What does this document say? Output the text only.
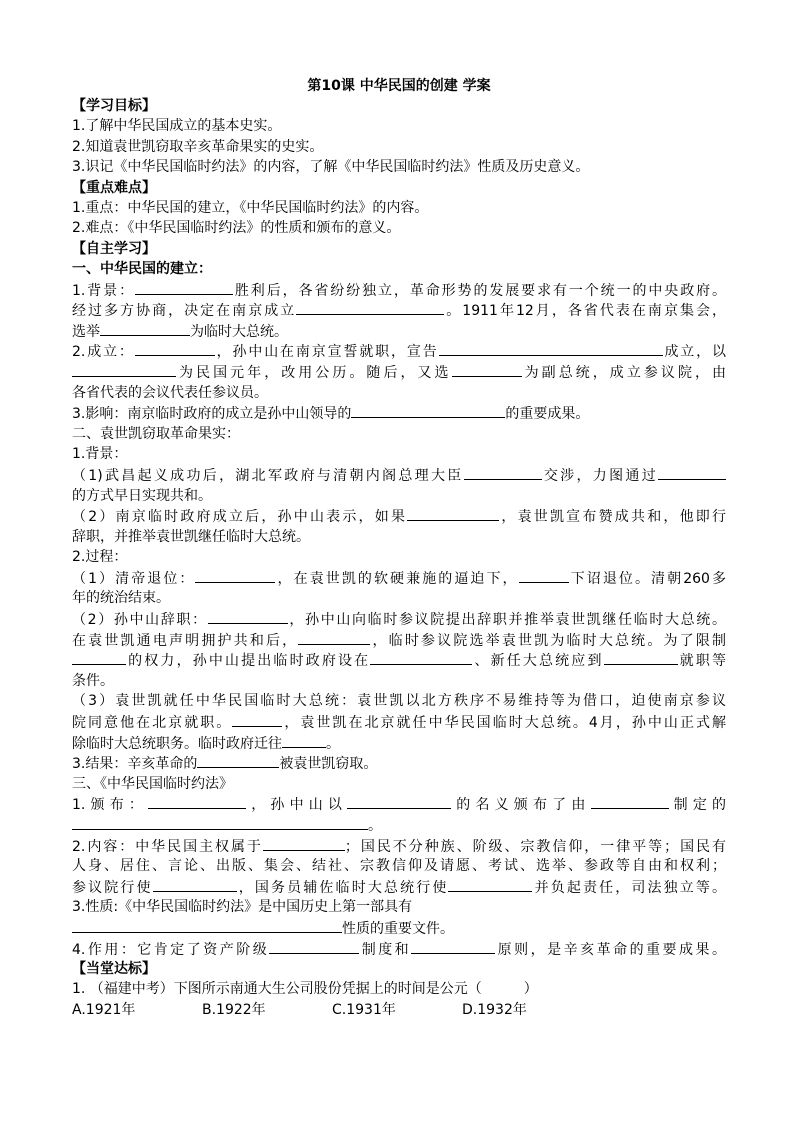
第10课 中华民国的创建 学案
【学习目标】
1.了解中华民国成立的基本史实。
2.知道袁世凯窃取辛亥革命果实的史实。
3.识记《中华民国临时约法》的内容，了解《中华民国临时约法》性质及历史意义。
【重点难点】
1.重点：中华民国的建立，《中华民国临时约法》的内容。
2.难点：《中华民国临时约法》的性质和颁布的意义。
【自主学习】
一、中华民国的建立：
1.背景：	胜利后，各省纷纷独立，革命形势的发展要求有一个统一的中央政府。
经过多方协商，决定在南京成立	。1911年12月，各省代表在南京集会，
选举	为临时大总统。
2.成立：	，孙中山在南京宣誓就职，宣告	成立，以
为民国元年，改用公历。随后，又选	为副总统，成立参议院，由
各省代表的会议代表任参议员。
3.影响：南京临时政府的成立是孙中山领导的	的重要成果。
二、袁世凯窃取革命果实：
1.背景：
（1)武昌起义成功后，湖北军政府与清朝内阁总理大臣	交涉，力图通过
的方式早日实现共和。
（2）南京临时政府成立后，孙中山表示，如果	，袁世凯宣布赞成共和，他即行
辞职，并推举袁世凯继任临时大总统。
2.过程：
（1）清帝退位：	，在袁世凯的软硬兼施的逼迫下，	下诏退位。清朝260多
年的统治结束。
（2）孙中山辞职：	，孙中山向临时参议院提出辞职并推举袁世凯继任临时大总统。
在袁世凯通电声明拥护共和后，	，临时参议院选举袁世凯为临时大总统。为了限制
的权力，孙中山提出临时政府设在	、新任大总统应到	就职等
条件。
（3）袁世凯就任中华民国临时大总统：袁世凯以北方秩序不易维持等为借口，迫使南京参议
院同意他在北京就职。	，袁世凯在北京就任中华民国临时大总统。4月，孙中山正式解
除临时大总统职务。临时政府迁往	。
3.结果：辛亥革命的	被袁世凯窃取。
三、《中华民国临时约法》
1.颁布：	，孙中山以	的名义颁布了由	制定的
。
2.内容：中华民国主权属于	；国民不分种族、阶级、宗教信仰，一律平等；国民有
人身、居住、言论、出版、集会、结社、宗教信仰及请愿、考试、选举、参政等自由和权利；
参议院行使	，国务员辅佐临时大总统行使	并负起责任，司法独立等。
3.性质:《中华民国临时约法》是中国历史上第一部具有
性质的重要文件。
4.作用：它肯定了资产阶级	制度和	原则，是辛亥革命的重要成果。
【当堂达标】
1. （福建中考）下图所示南通大生公司股份凭据上的时间是公元（　　　）
A.1921年	B.1922年	C.1931年	D.1932年
